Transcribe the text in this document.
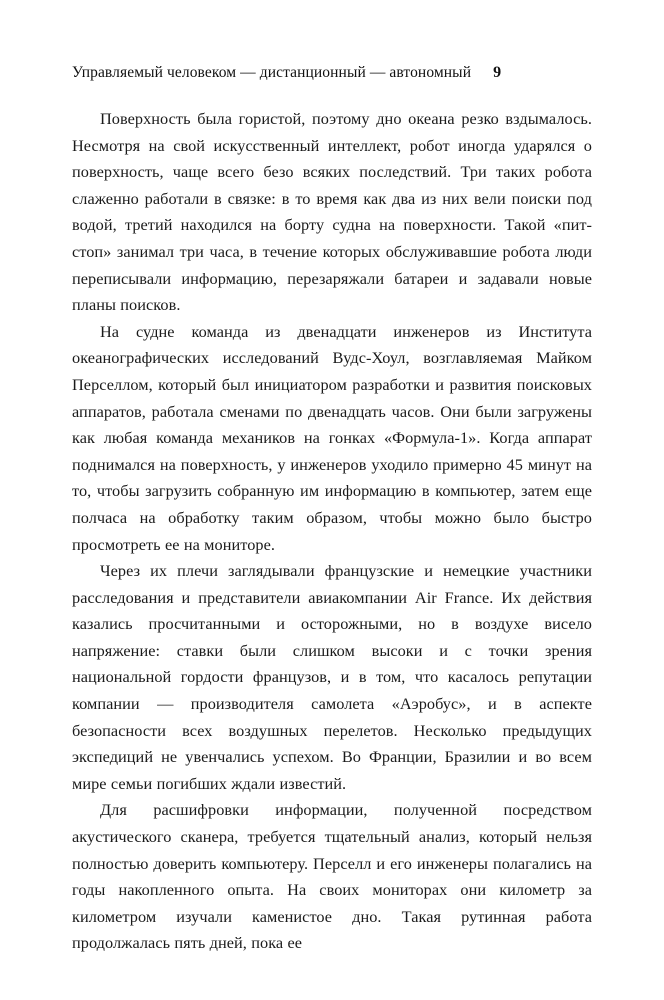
Управляемый человеком — дистанционный — автономный 9

Поверхность была гористой, поэтому дно океана резко вздымалось. Несмотря на свой искусственный интеллект, робот иногда ударялся о поверхность, чаще всего безо всяких последствий. Три таких робота слаженно работали в связке: в то время как два из них вели поиски под водой, третий находился на борту судна на поверхности. Такой «пит-стоп» занимал три часа, в течение которых обслуживавшие робота люди переписывали информацию, перезаряжали батареи и задавали новые планы поисков.

На судне команда из двенадцати инженеров из Института океанографических исследований Вудс-Хоул, возглавляемая Майком Перселлом, который был инициатором разработки и развития поисковых аппаратов, работала сменами по двенадцать часов. Они были загружены как любая команда механиков на гонках «Формула-1». Когда аппарат поднимался на поверхность, у инженеров уходило примерно 45 минут на то, чтобы загрузить собранную им информацию в компьютер, затем еще полчаса на обработку таким образом, чтобы можно было быстро просмотреть ее на мониторе.

Через их плечи заглядывали французские и немецкие участники расследования и представители авиакомпании Air France. Их действия казались просчитанными и осторожными, но в воздухе висело напряжение: ставки были слишком высоки и с точки зрения национальной гордости французов, и в том, что касалось репутации компании — производителя самолета «Аэробус», и в аспекте безопасности всех воздушных перелетов. Несколько предыдущих экспедиций не увенчались успехом. Во Франции, Бразилии и во всем мире семьи погибших ждали известий.

Для расшифровки информации, полученной посредством акустического сканера, требуется тщательный анализ, который нельзя полностью доверить компьютеру. Перселл и его инженеры полагались на годы накопленного опыта. На своих мониторах они километр за километром изучали каменистое дно. Такая рутинная работа продолжалась пять дней, пока ее
